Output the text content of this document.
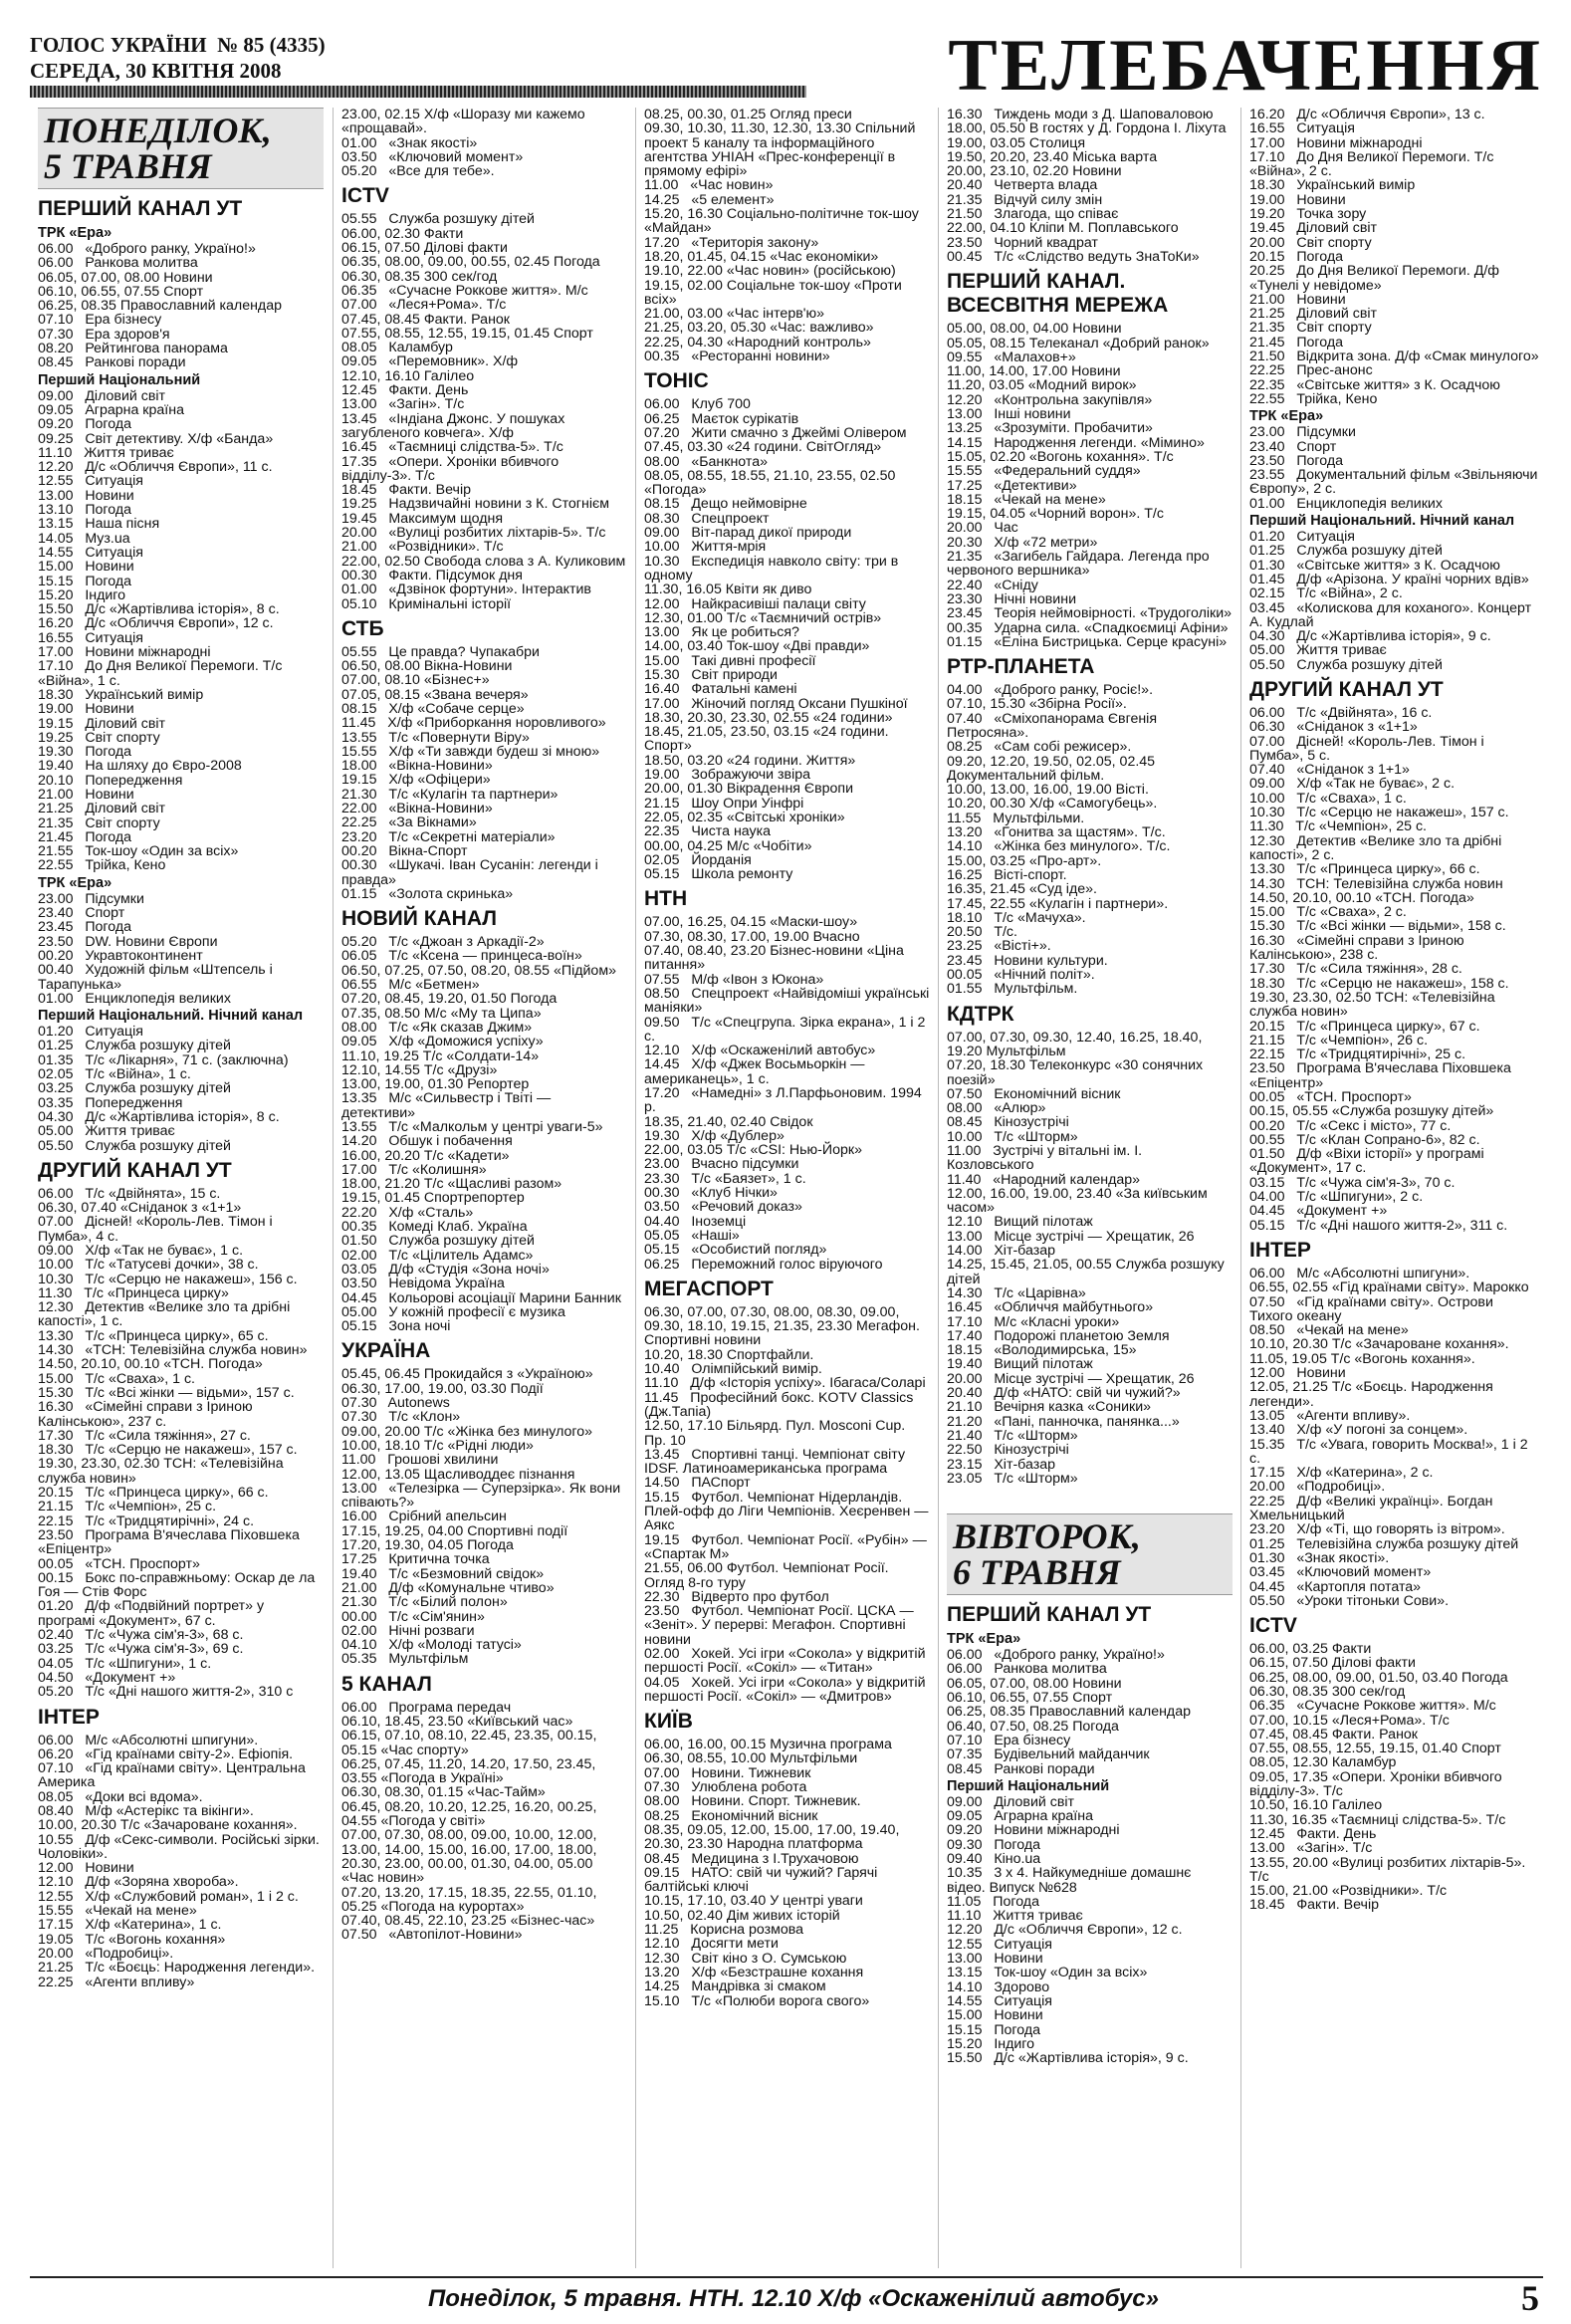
ГОЛОС УКРАЇНИ  № 85 (4335)
СЕРЕДА, 30 КВІТНЯ 2008	ТЕЛЕБАЧЕННЯ
ПОНЕДІЛОК,
5 ТРАВНЯ
ПЕРШИЙ КАНАЛ УТ
ТРК «Ера»
06.00   «Доброго ранку, Україно!»
06.00   Ранкова молитва
06.05, 07.00, 08.00 Новини
06.10, 06.55, 07.55 Спорт
06.25, 08.35 Православний календар
07.10   Ера бізнесу
07.30   Ера здоров'я
08.20   Рейтингова панорама
08.45   Ранкові поради
Перший Національний
09.00   Діловий світ
09.05   Аграрна країна
09.20   Погода
09.25   Світ детективу. Х/ф «Банда»
11.10   Життя триває
12.20   Д/с «Обличчя Європи», 11 с.
12.55   Ситуація
13.00   Новини
13.10   Погода
13.15   Наша пісня
14.05   Муз.ua
14.55   Ситуація
15.00   Новини
15.15   Погода
15.20   Індиго
15.50   Д/с «Жартівлива історія», 8 с.
16.20   Д/с «Обличчя Європи», 12 с.
16.55   Ситуація
17.00   Новини міжнародні
17.10   До Дня Великої Перемоги. Т/с «Війна», 1 с.
18.30   Український вимір
19.00   Новини
19.15   Діловий світ
19.25   Світ спорту
19.30   Погода
19.40   На шляху до Євро-2008
20.10   Попередження
21.00   Новини
21.25   Діловий світ
21.35   Світ спорту
21.45   Погода
21.55   Ток-шоу «Один за всіх»
22.55   Трійка, Кено
ТРК «Ера»
23.00   Підсумки
23.40   Спорт
23.45   Погода
23.50   DW. Новини Європи
00.20   Укравтоконтинент
00.40   Художній фільм «Штепсель і Тарапунька»
01.00   Енциклопедія великих
Перший Національний. Нічний канал
01.20   Ситуація
01.25   Служба розшуку дітей
01.35   Т/с «Лікарня», 71 с. (заключна)
02.05   Т/с «Війна», 1 с.
03.25   Служба розшуку дітей
03.35   Попередження
04.30   Д/с «Жартівлива історія», 8 с.
05.00   Життя триває
05.50   Служба розшуку дітей
ДРУГИЙ КАНАЛ УТ
06.00   Т/с «Двійнята», 15 с.
06.30, 07.40 «Сніданок з «1+1»
07.00   Дісней! «Король-Лев. Тімон і Пумба», 4 с.
09.00   Х/ф «Так не буває», 1 с.
10.00   Т/с «Татусеві дочки», 38 с.
10.30   Т/с «Серцю не накажеш», 156 с.
11.30   Т/с «Принцеса цирку»
12.30   Детектив «Велике зло та дрібні капості», 1 с.
13.30   Т/с «Принцеса цирку», 65 с.
14.30   «ТСН: Телевізійна служба новин»
14.50, 20.10, 00.10 «ТСН. Погода»
15.00   Т/с «Свахa», 1 с.
15.30   Т/с «Всі жінки — відьми», 157 с.
16.30   «Сімейні справи з Іриною Калінською», 237 с.
17.30   Т/с «Сила тяжіння», 27 с.
18.30   Т/с «Серцю не накажеш», 157 с.
19.30, 23.30, 02.30 ТСН: «Телевізійна служба новин»
20.15   Т/с «Принцеса цирку», 66 с.
21.15   Т/с «Чемпіон», 25 с.
22.15   Т/с «Тридцятирічні», 24 с.
23.50   Програма В'ячеслава Піховшека «Епіцентр»
00.05   «ТСН. Проспорт»
00.15   Бокс по-справжньому: Оскар де ла Гоя — Стів Форс
01.20   Д/ф «Подвійний портрет» у програмі «Документ», 67 с.
02.40   Т/с «Чужа сім'я-3», 68 с.
03.25   Т/с «Чужа сім'я-3», 69 с.
04.05   Т/с «Шпигуни», 1 с.
04.50   «Документ +»
05.20   Т/с «Дні нашого життя-2», 310 с
ІНТЕР
06.00   М/с «Абсолютні шпигуни».
06.20   «Гід країнами світу-2». Ефіопія.
07.10   «Гід країнами світу». Центральна Америка
08.05   «Доки всі вдома».
08.40   М/ф «Астерікс та вікінги».
10.00, 20.30 Т/с «Зачароване кохання».
10.55   Д/ф «Секс-символи. Російські зірки. Чоловіки».
12.00   Новини
12.10   Д/ф «Зоряна хвороба».
12.55   Х/ф «Службовий роман», 1 і 2 с.
15.55   «Чекай на мене»
17.15   Х/ф «Катерина», 1 с.
19.05   Т/с «Вогонь кохання»
20.00   «Подробиці».
21.25   Т/с «Боєць: Народження легенди».
22.25   «Агенти впливу»
23.00, 02.15 Х/ф «Шоразу ми кажемо «прощавай».
01.00   «Знак якості»
03.50   «Ключовий момент»
05.20   «Все для тебе».
ICTV
05.55   Служба розшуку дітей
06.00, 02.30 Факти
06.15, 07.50 Ділові факти
06.35, 08.00, 09.00, 00.55, 02.45 Погода
06.30, 08.35 300 сек/год
06.35   «Сучасне Роккове життя». М/с
07.00   «Леся+Рома». Т/с
07.45, 08.45 Факти. Ранок
07.55, 08.55, 12.55, 19.15, 01.45 Спорт
08.05   Каламбур
09.05   «Перемовник». Х/ф
12.10, 16.10 Галілео
12.45   Факти. День
13.00   «Загін». Т/с
13.45   «Індіана Джонс. У пошуках загубленого ковчега». Х/ф
16.45   «Таємниці слідства-5». Т/с
17.35   «Опери. Хроніки вбивчого відділу-3». Т/с
18.45   Факти. Вечір
19.25   Надзвичайні новини з К. Стогнієм
19.45   Максимум щодня
20.00   «Вулиці розбитих ліхтарів-5». Т/с
21.00   «Розвідники». Т/с
22.00, 02.50 Свобода слова з А. Куликовим
00.30   Факти. Підсумок дня
01.00   «Дзвінок фортуни». Інтерактив
05.10   Кримінальні історії
СТБ
05.55   Це правда? Чупакабри
06.50, 08.00 Вікна-Новини
07.00, 08.10 «Бізнес+»
07.05, 08.15 «Звана вечеря»
08.15   Х/ф «Собаче серце»
11.45   Х/ф «Приборкання норовливого»
13.55   Т/с «Повернути Віру»
15.55   Х/ф «Ти завжди будеш зі мною»
18.00   «Вікна-Новини»
19.15   Х/ф «Офіцери»
21.30   Т/с «Кулагін та партнери»
22.00   «Вікна-Новини»
22.25   «За Вікнами»
23.20   Т/с «Секретні матеріали»
00.20   Вікна-Спорт
00.30   «Шукачі. Іван Сусанін: легенди і правда»
01.15   «Золота скринька»
НОВИЙ КАНАЛ
05.20   Т/с «Джоан з Аркадії-2»
06.05   Т/с «Ксена — принцеса-воїн»
06.50, 07.25, 07.50, 08.20, 08.55 «Підйом»
06.55   М/с «Бетмен»
07.20, 08.45, 19.20, 01.50 Погода
07.35, 08.50 М/с «Му та Ципа»
08.00   Т/с «Як сказав Джим»
09.05   Х/ф «Доможися успіху»
11.10, 19.25 Т/с «Солдати-14»
12.10, 14.55 Т/с «Друзі»
13.00, 19.00, 01.30 Репортер
13.35   М/с «Сильвестр і Твіті — детективи»
13.55   Т/с «Малкольм у центрі уваги-5»
14.20   Обшук і побачення
16.00, 20.20 Т/с «Кадети»
17.00   Т/с «Колишня»
18.00, 21.20 Т/с «Щасливі разом»
19.15, 01.45 Спортрепортер
22.20   Х/ф «Сталь»
00.35   Комеді Клаб. Україна
01.50   Служба розшуку дітей
02.00   Т/с «Цілитель Адамс»
03.05   Д/ф «Студія «Зона ночі»
03.50   Невідома Україна
04.45   Кольорові асоціації Марини Банник
05.00   У кожній професії є музика
05.15   Зона ночі
УКРАЇНА
05.45, 06.45 Прокидайся з «Україною»
06.30, 17.00, 19.00, 03.30 Події
07.30   Autonews
07.30   Т/с «Клон»
09.00, 20.00 Т/с «Жінка без минулого»
10.00, 18.10 Т/с «Рідні люди»
11.00   Грошові хвилини
12.00, 13.05 Щасливоддеє пізнання
13.00   «Телезірка — Суперзірка». Як вони співають?»
16.00   Срібний апельсин
17.15, 19.25, 04.00 Спортивні події
17.20, 19.30, 04.05 Погода
17.25   Критична точка
19.40   Т/с «Безмовний свідок»
21.00   Д/ф «Комунальне чтиво»
21.30   Т/с «Білий полон»
00.00   Т/с «Сім'янин»
02.00   Нічні розваги
04.10   Х/ф «Молоді татусі»
05.35   Мультфільм
5 КАНАЛ
06.00   Програма передач
06.10, 18.45, 23.50 «Київський час»
06.15, 07.10, 08.10, 22.45, 23.35, 00.15, 05.15 «Час спорту»
06.25, 07.45, 11.20, 14.20, 17.50, 23.45, 03.55 «Погода в Україні»
06.30, 08.30, 01.15 «Час-Тайм»
06.45, 08.20, 10.20, 12.25, 16.20, 00.25, 04.55 «Погода у світі»
07.00, 07.30, 08.00, 09.00, 10.00, 12.00, 13.00, 14.00, 15.00, 16.00, 17.00, 18.00, 20.30, 23.00, 00.00, 01.30, 04.00, 05.00 «Час новин»
07.20, 13.20, 17.15, 18.35, 22.55, 01.10, 05.25 «Погода на курортах»
07.40, 08.45, 22.10, 23.25 «Бізнес-час»
07.50   «Автопілот-Новини»
08.25, 00.30, 01.25 Огляд преси
09.30, 10.30, 11.30, 12.30, 13.30 Спільний проект 5 каналу та інформаційного агентства УНІАН «Прес-конференції в прямому ефірі»
11.00   «Час новин»
14.25   «5 елемент»
15.20, 16.30 Соціально-політичне ток-шоу «Майдан»
17.20   «Територія закону»
18.20, 01.45, 04.15 «Час економіки»
19.10, 22.00 «Час новин» (російською)
19.15, 02.00 Соціальне ток-шоу «Проти всіх»
21.00, 03.00 «Час інтерв'ю»
21.25, 03.20, 05.30 «Час: важливо»
22.25, 04.30 «Народний контроль»
00.35   «Ресторанні новини»
ТОНІС
06.00   Клуб 700
06.25   Маєток сурікатів
07.20   Жити смачно з Джеймі Олівером
07.45, 03.30 «24 години. СвітОгляд»
08.00   «Банкнота»
08.05, 08.55, 18.55, 21.10, 23.55, 02.50 «Погода»
08.15   Дещо неймовірне
08.30   Спецпроект
09.00   Віт-парад дикої природи
10.00   Життя-мрія
10.30   Експедиція навколо світу: три в одному
11.30, 16.05 Квіти як диво
12.00   Найкрасивіші палаци світу
12.30, 01.00 Т/с «Таємничий острів»
13.00   Як це робиться?
14.00, 03.40 Ток-шоу «Дві правди»
15.00   Такі дивні професії
15.30   Світ природи
16.40   Фатальні камені
17.00   Жіночий погляд Оксани Пушкіної
18.30, 20.30, 23.30, 02.55 «24 години»
18.45, 21.05, 23.50, 03.15 «24 години. Спорт»
18.50, 03.20 «24 години. Життя»
19.00   Зображуючи звіра
20.00, 01.30 Вікрадення Європи
21.15   Шоу Опри Уінфрі
22.05, 02.35 «Світські хроніки»
22.35   Чиста наука
00.00, 04.25 М/с «Чобіти»
02.05   Йорданія
05.15   Школа ремонту
НТН
07.00, 16.25, 04.15 «Маски-шоу»
07.30, 08.30, 17.00, 19.00 Вчасно
07.40, 08.40, 23.20 Бізнес-новини «Ціна питання»
07.55   М/ф «Івон з Юкона»
08.50   Спецпроект «Найвідоміші українські маніяки»
09.50   Т/с «Спецгрупа. Зірка екрана», 1 і 2 с.
12.10   Х/ф «Оскаженілий автобус»
14.45   Х/ф «Джек Восьмьоркін — американець», 1 с.
17.20   «Намедні» з Л.Парфьоновим. 1994 р.
18.35, 21.40, 02.40 Свідок
19.30   Х/ф «Дублер»
22.00, 03.05 Т/с «CSI: Нью-Йорк»
23.00   Вчасно підсумки
23.30   Т/с «Баязет», 1 с.
00.30   «Клуб Нічки»
03.50   «Речовий доказ»
04.40   Іноземці
05.05   «Наші»
05.15   «Особистий погляд»
06.25   Переможний голос віруючого
МЕГАСПОРТ
06.30, 07.00, 07.30, 08.00, 08.30, 09.00, 09.30, 18.10, 19.15, 21.35, 23.30 Мегафон. Спортивні новини
10.20, 18.30 Спортфайли.
10.40   Олімпійський вимір.
11.10   Д/ф «Історія успіху». Ібагаса/Соларі
11.45   Професійний бокс. KOTV Classics (Дж.Тапіа)
12.50, 17.10 Більярд. Пул. Mosconi Cup. Пр. 10
13.45   Спортивні танці. Чемпіонат світу IDSF. Латиноамериканська програма
14.50   ПАСпорт
15.15   Футбол. Чемпіонат Нідерландів. Плей-офф до Ліги Чемпіонів. Хеєренвен — Аякс
19.15   Футбол. Чемпіонат Росії. «Рубін» — «Спартак М»
21.55, 06.00 Футбол. Чемпіонат Росії. Огляд 8-го туру
22.30   Відверто про футбол
23.50   Футбол. Чемпіонат Росії. ЦСКА — «Зеніт». У перерві: Мегафон. Спортивні новини
02.00   Хокей. Усі ігри «Сокола» у відкритій першості Росії. «Сокіл» — «Титан»
04.05   Хокей. Усі ігри «Сокола» у відкритій першості Росії. «Сокіл» — «Дмитров»
КИЇВ
06.00, 16.00, 00.15 Музична програма
06.30, 08.55, 10.00 Мультфільми
07.00   Новини. Тижневик
07.30   Улюблена робота
08.00   Новини. Спорт. Тижневик.
08.25   Економічний вісник
08.35, 09.05, 12.00, 15.00, 17.00, 19.40, 20.30, 23.30 Народна платформа
08.45   Медицина з І.Трухачовою
09.15   НАТО: свій чи чужий? Гарячі балтійські ключі
10.15, 17.10, 03.40 У центрі уваги
10.50, 02.40 Дім живих історій
11.25   Корисна розмова
12.10   Досягти мети
12.30   Світ кіно з О. Сумською
13.20   Х/ф «Безстрашне кохання
14.25   Мандрівка зі смаком
15.10   Т/с «Полюби ворога свого»
16.30   Тиждень моди з Д. Шаповаловою
18.00, 05.50 В гостях у Д. Гордона І. Ліхута
19.00, 03.05 Столиця
19.50, 20.20, 23.40 Міська варта
20.00, 23.10, 02.20 Новини
20.40   Четверта влада
21.35   Відчуй силу змін
21.50   Злагода, що співає
22.00, 04.10 Кліпи М. Поплавського
23.50   Чорний квадрат
00.45   Т/с «Слідство ведуть ЗнаТоКи»
ПЕРШИЙ КАНАЛ. ВСЕСВІТНЯ МЕРЕЖА
05.00, 08.00, 04.00 Новини
05.05, 08.15 Телеканал «Добрий ранок»
09.55   «Малахов+»
11.00, 14.00, 17.00 Новини
11.20, 03.05 «Модний вирок»
12.20   «Контрольна закупівля»
13.00   Інші новини
13.25   «Зрозуміти. Пробачити»
14.15   Народження легенди. «Мімино»
15.05, 02.20 «Вогонь кохання». Т/с
15.55   «Федеральний суддя»
17.25   «Детективи»
18.15   «Чекай на мене»
19.15, 04.05 «Чорний ворон». Т/с
20.00   Час
20.30   Х/ф «72 метри»
21.35   «Загибель Гайдара. Легенда про червоного вершника»
22.40   «Сніду
23.30   Нічні новини
23.45   Теорія неймовірності. «Трудоголіки»
00.35   Ударна сила. «Спадкоємиці Афіни»
01.15   «Еліна Бистрицька. Серце красуні»
РТР-ПЛАНЕТА
04.00   «Доброго ранку, Росіє!».
07.10, 15.30 «Збірна Росії».
07.40   «Сміхопанорама Євгенія Петросяна».
08.25   «Сам собі режисер».
09.20, 12.20, 19.50, 02.05, 02.45 Документальний фільм.
10.00, 13.00, 16.00, 19.00 Вісті.
10.20, 00.30 Х/ф «Самогубець».
11.55   Мультфільми.
13.20   «Гонитва за щастям». Т/с.
14.10   «Жінка без минулого». Т/с.
15.00, 03.25 «Про-арт».
16.25   Вісті-спорт.
16.35, 21.45 «Суд іде».
17.45, 22.55 «Кулагін і партнери».
18.10   Т/с «Мачуха».
20.50   Т/с.
23.25   «Вісті+».
23.45   Новини культури.
00.05   «Нічний політ».
01.55   Мультфільм.
КДТРК
07.00, 07.30, 09.30, 12.40, 16.25, 18.40, 19.20 Мультфільм
07.20, 18.30 Телеконкурс «30 сонячних поезій»
07.50   Економічний вісник
08.00   «Алюр»
08.45   Кінозустрічі
10.00   Т/с «Шторм»
11.00   Зустрічі у вітальні ім. І. Козловського
11.40   «Народний календар»
12.00, 16.00, 19.00, 23.40 «За київським часом»
12.10   Вищий пілотаж
13.00   Місце зустрічі — Хрещатик, 26
14.00   Хіт-базар
14.25, 15.45, 21.05, 00.55 Служба розшуку дітей
14.30   Т/с «Царівна»
16.45   «Обличчя майбутнього»
17.10   М/с «Класні уроки»
17.40   Подорожі планетою Земля
18.15   «Володимирська, 15»
19.40   Вищий пілотаж
20.00   Місце зустрічі — Хрещатик, 26
20.40   Д/ф «НАТО: свій чи чужий?»
21.10   Вечірня казка «Соники»
21.20   «Пані, панночка, панянка...»
21.40   Т/с «Шторм»
22.50   Кінозустрічі
23.15   Хіт-базар
23.05   Т/с «Шторм»
ВІВТОРОК,
6 ТРАВНЯ
ПЕРШИЙ КАНАЛ УТ
ТРК «Ера»
06.00   «Доброго ранку, Україно!»
06.00   Ранкова молитва
06.05, 07.00, 08.00 Новини
06.10, 06.55, 07.55 Спорт
06.25, 08.35 Православний календар
06.40, 07.50, 08.25 Погода
07.10   Ера бізнесу
07.35   Будівельний майданчик
08.45   Ранкові поради
Перший Національний
09.00   Діловий світ
09.05   Аграрна країна
09.20   Новини міжнародні
09.30   Погода
09.40   Кіно.ua
10.35   3 х 4. Найкумедніше домашнє відео. Випуск №628
11.05   Погода
11.10   Життя триває
12.20   Д/с «Обличчя Європи», 12 с.
12.55   Ситуація
13.00   Новини
13.15   Ток-шоу «Один за всіх»
14.10   Здорово
14.55   Ситуація
15.00   Новини
15.15   Погода
15.20   Індиго
15.50   Д/с «Жартівлива історія», 9 с.
16.20   Д/с «Обличчя Європи», 13 с.
16.55   Ситуація
17.00   Новини міжнародні
17.10   До Дня Великої Перемоги. Т/с «Війна», 2 с.
18.30   Український вимір
19.00   Новини
19.20   Точка зору
19.45   Діловий світ
20.00   Світ спорту
20.15   Погода
20.25   До Дня Великої Перемоги. Д/ф «Тунелі у невідоме»
21.00   Новини
21.25   Діловий світ
21.35   Світ спорту
21.45   Погода
21.50   Відкрита зона. Д/ф «Смак минулого»
22.25   Прес-анонс
22.35   «Світське життя» з К. Осадчою
22.55   Трійка, Кено
ТРК «Ера»
23.00   Підсумки
23.40   Спорт
23.50   Погода
23.55   Документальний фільм «Звільняючи Європу», 2 с.
01.00   Енциклопедія великих
Перший Національний. Нічний канал
01.20   Ситуація
01.25   Служба розшуку дітей
01.30   «Світське життя» з К. Осадчою
01.45   Д/ф «Арізона. У країні чорних вдів»
02.15   Т/с «Війна», 2 с.
03.45   «Колискова для коханого». Концерт А. Кудлай
04.30   Д/с «Жартівлива історія», 9 с.
05.00   Життя триває
05.50   Служба розшуку дітей
ДРУГИЙ КАНАЛ УТ
06.00   Т/с «Двійнята», 16 с.
06.30   «Сніданок з «1+1»
07.00   Дісней! «Король-Лев. Тімон і Пумба», 5 с.
07.40   «Сніданок з 1+1»
09.00   Х/ф «Так не буває», 2 с.
10.00   Т/с «Сваха», 1 с.
10.30   Т/с «Серцю не накажеш», 157 с.
11.30   Т/с «Чемпіон», 25 с.
12.30   Детектив «Велике зло та дрібні капості», 2 с.
13.30   Т/с «Принцеса цирку», 66 с.
14.30   ТСН: Телевізійна служба новин
14.50, 20.10, 00.10 «ТСН. Погода»
15.00   Т/с «Сваха», 2 с.
15.30   Т/с «Всі жінки — відьми», 158 с.
16.30   «Сімейні справи з Іриною Калінською», 238 с.
17.30   Т/с «Сила тяжіння», 28 с.
18.30   Т/с «Серцю не накажеш», 158 с.
19.30, 23.30, 02.50 ТСН: «Телевізійна служба новин»
20.15   Т/с «Принцеса цирку», 67 с.
21.15   Т/с «Чемпіон», 26 с.
22.15   Т/с «Тридцятирічні», 25 с.
23.50   Програма В'ячеслава Піховшека «Епіцентр»
00.05   «ТСН. Проспорт»
00.15, 05.55 «Служба розшуку дітей»
00.20   Т/с «Секс і місто», 77 с.
00.55   Т/с «Клан Сопрано-6», 82 с.
01.50   Д/ф «Віхи історії» у програмі «Документ», 17 с.
03.15   Т/с «Чужа сім'я-3», 70 с.
04.00   Т/с «Шпигуни», 2 с.
04.45   «Документ +»
05.15   Т/с «Дні нашого життя-2», 311 с.
ІНТЕР
06.00   М/с «Абсолютні шпигуни».
06.55, 02.55 «Гід країнами світу». Марокко
07.50   «Гід країнами світу». Острови Тихого океану
08.50   «Чекай на мене»
10.10, 20.30 Т/с «Зачароване кохання».
11.05, 19.05 Т/с «Вогонь кохання».
12.00   Новини
12.05, 21.25 Т/с «Боєць. Народження легенди».
13.05   «Агенти впливу».
13.40   Х/ф «У погоні за сонцем».
15.35   Т/с «Увага, говорить Москва!», 1 і 2 с.
17.15   Х/ф «Катерина», 2 с.
20.00   «Подробиці».
22.25   Д/ф «Великі українці». Богдан Хмельницький
23.20   Х/ф «Ті, що говорять із вітром».
01.25   Телевізійна служба розшуку дітей
01.30   «Знак якості».
03.45   «Ключовий момент»
04.45   «Картопля потата»
05.50   «Уроки тітоньки Сови».
ICTV
06.00, 03.25 Факти
06.15, 07.50 Ділові факти
06.25, 08.00, 09.00, 01.50, 03.40 Погода
06.30, 08.35 300 сек/год
06.35   «Сучасне Роккове життя». М/с
07.00, 10.15 «Леся+Рома». Т/с
07.45, 08.45 Факти. Ранок
07.55, 08.55, 12.55, 19.15, 01.40 Спорт
08.05, 12.30 Каламбур
09.05, 17.35 «Опери. Хроніки вбивчого відділу-3». Т/с
10.50, 16.10 Галілео
11.30, 16.35 «Таємниці слідства-5». Т/с
12.45   Факти. День
13.00   «Загін». Т/с
13.55, 20.00 «Вулиці розбитих ліхтарів-5». Т/с
15.00, 21.00 «Розвідники». Т/с
18.45   Факти. Вечір
Понеділок, 5 травня. НТН. 12.10 Х/ф «Оскаженілий автобус»	5
